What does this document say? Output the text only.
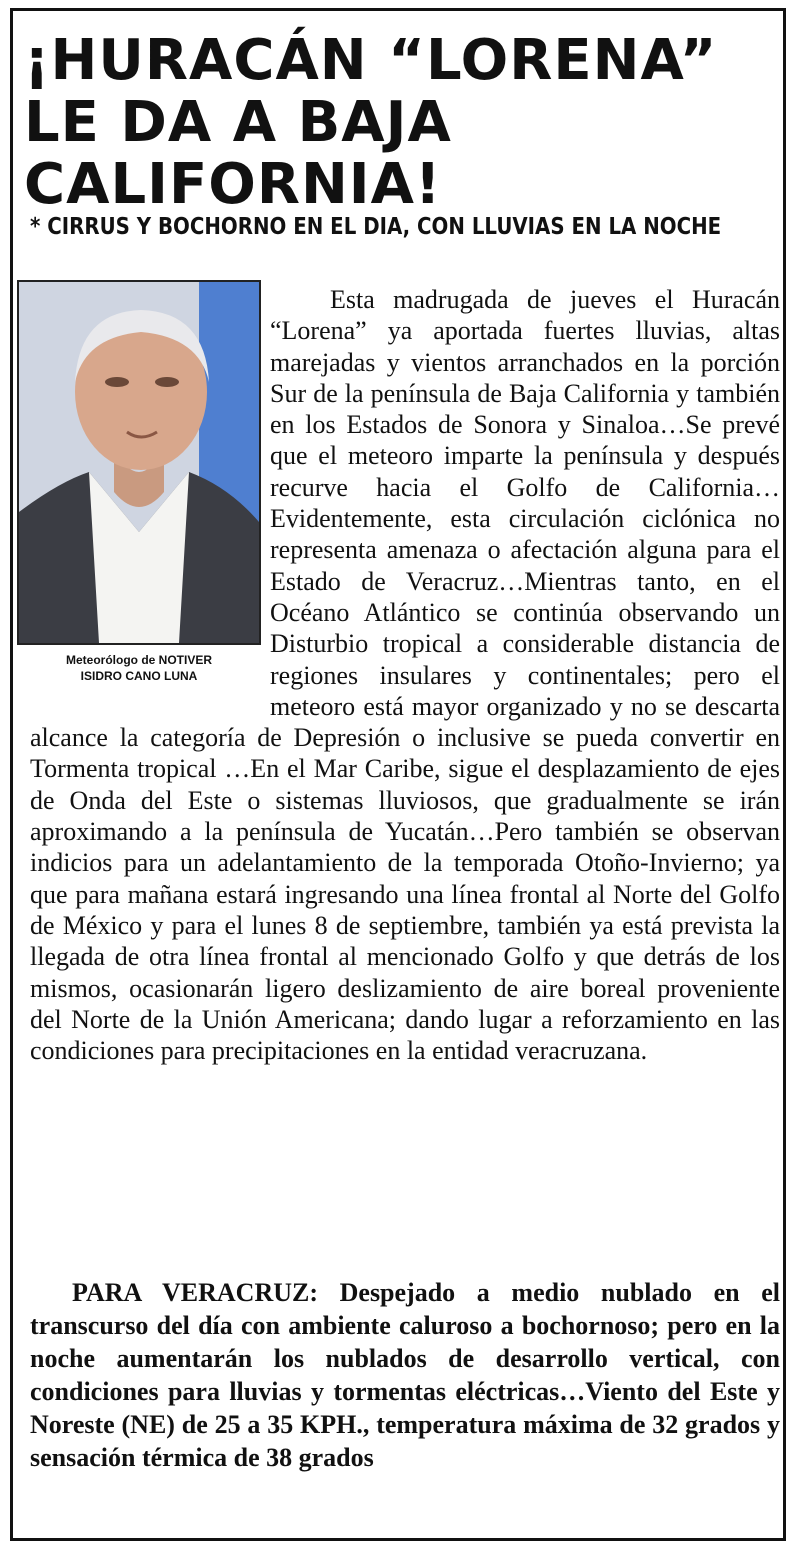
¡HURACÁN “LORENA” LE DA A BAJA CALIFORNIA!
* CIRRUS Y BOCHORNO EN EL DIA, CON LLUVIAS EN LA NOCHE
Meteorólogo de NOTIVER
ISIDRO CANO LUNA

Esta madrugada de jueves el Huracán “Lorena” ya aportada fuertes lluvias, altas marejadas y vientos arranchados en la porción Sur de la península de Baja California y también en los Estados de Sonora y Sinaloa…Se prevé que el meteoro imparte la península y después recurve hacia el Golfo de California… Evidentemente, esta circulación ciclónica no representa amenaza o afectación alguna para el Estado de Veracruz…Mientras tanto, en el Océano Atlántico se continúa observando un Disturbio tropical a considerable distancia de regiones insulares y continentales; pero el meteoro está mayor organizado y no se descarta alcance la categoría de Depresión o inclusive se pueda convertir en Tormenta tropical …En el Mar Caribe, sigue el desplazamiento de ejes de Onda del Este o sistemas lluviosos, que gradualmente se irán aproximando a la península de Yucatán…Pero también se observan indicios para un adelantamiento de la temporada Otoño-Invierno; ya que para mañana estará ingresando una línea frontal al Norte del Golfo de México y para el lunes 8 de septiembre, también ya está prevista la llegada de otra línea frontal al mencionado Golfo y que detrás de los mismos, ocasionarán ligero deslizamiento de aire boreal proveniente del Norte de la Unión Americana; dando lugar a reforzamiento en las condiciones para precipitaciones en la entidad veracruzana.

PARA VERACRUZ: Despejado a medio nublado en el transcurso del día con ambiente caluroso a bochornoso; pero en la noche aumentarán los nublados de desarrollo vertical, con condiciones para lluvias y tormentas eléctricas…Viento del Este y Noreste (NE) de 25 a 35 KPH., temperatura máxima de 32 grados y sensación térmica de 38 grados
